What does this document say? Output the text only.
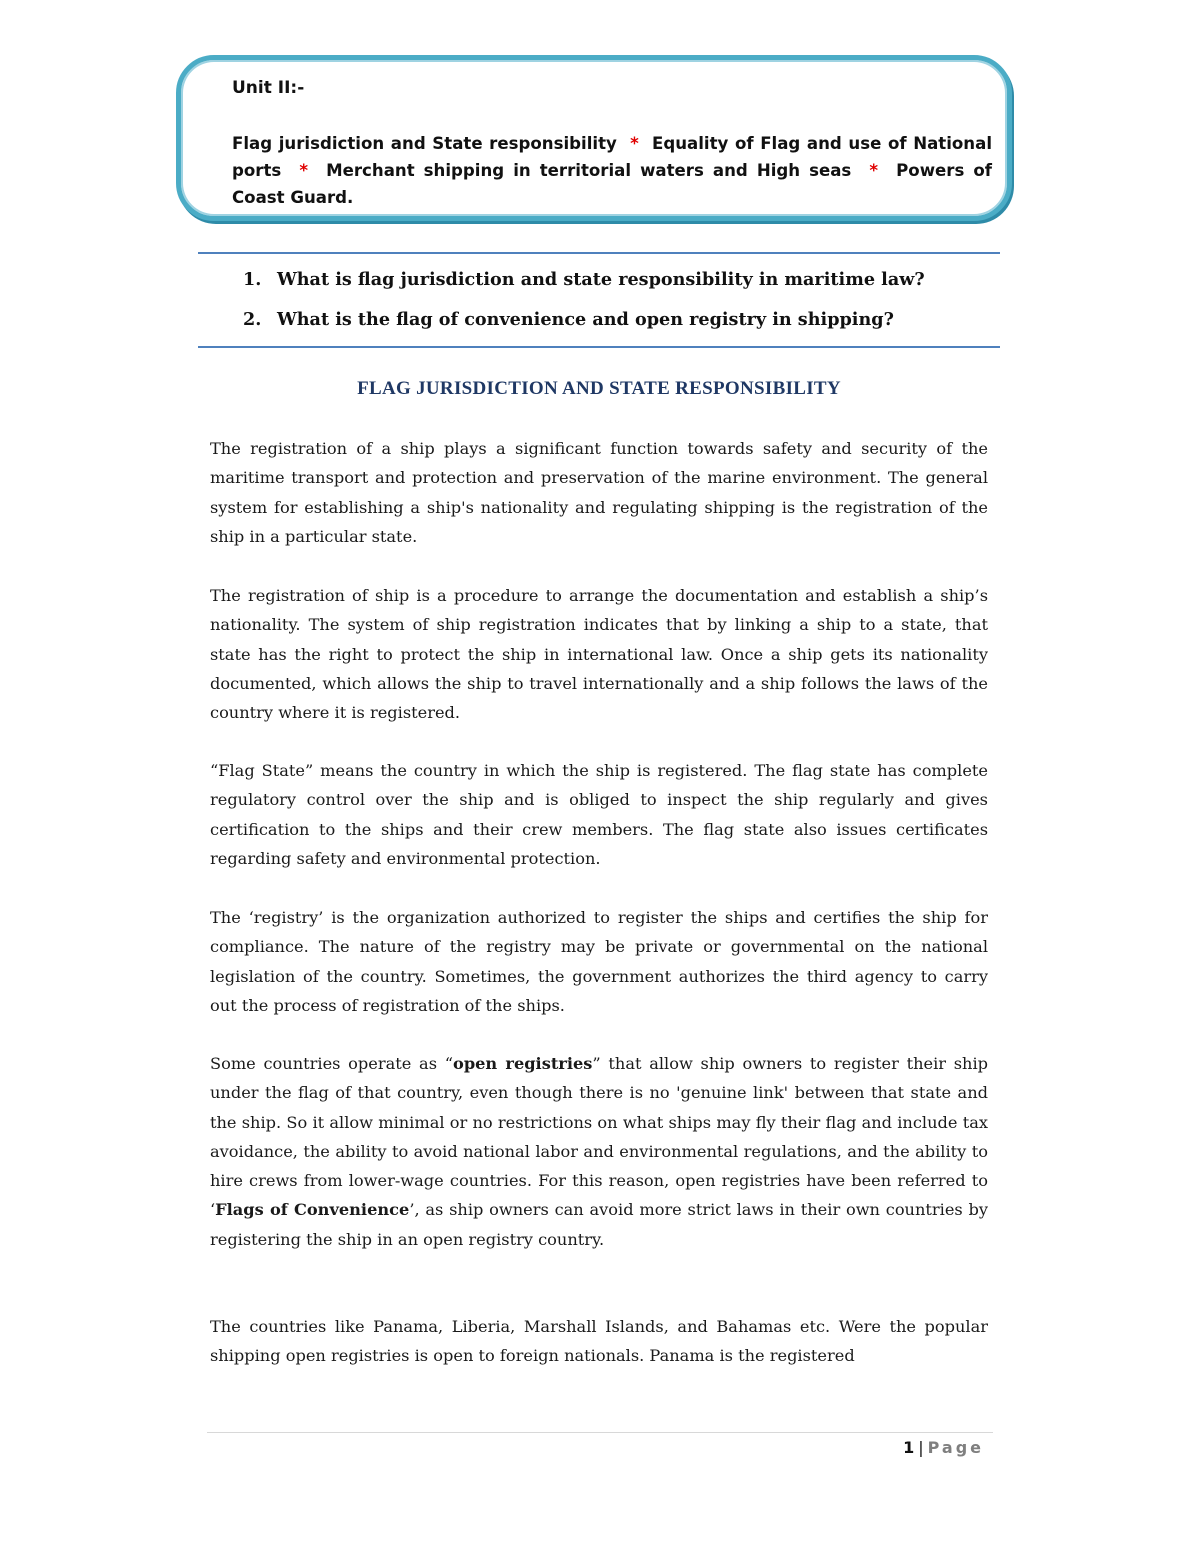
Unit II:-
Flag jurisdiction and State responsibility * Equality of Flag and use of National ports * Merchant shipping in territorial waters and High seas * Powers of Coast Guard.
1. What is flag jurisdiction and state responsibility in maritime law?
2. What is the flag of convenience and open registry in shipping?
FLAG JURISDICTION AND STATE RESPONSIBILITY

The registration of a ship plays a significant function towards safety and security of the maritime transport and protection and preservation of the marine environment. The general system for establishing a ship's nationality and regulating shipping is the registration of the ship in a particular state.

The registration of ship is a procedure to arrange the documentation and establish a ship’s nationality. The system of ship registration indicates that by linking a ship to a state, that state has the right to protect the ship in international law. Once a ship gets its nationality documented, which allows the ship to travel internationally and a ship follows the laws of the country where it is registered.

“Flag State” means the country in which the ship is registered. The flag state has complete regulatory control over the ship and is obliged to inspect the ship regularly and gives certification to the ships and their crew members. The flag state also issues certificates regarding safety and environmental protection.

The ‘registry’ is the organization authorized to register the ships and certifies the ship for compliance. The nature of the registry may be private or governmental on the national legislation of the country. Sometimes, the government authorizes the third agency to carry out the process of registration of the ships.

Some countries operate as “open registries” that allow ship owners to register their ship under the flag of that country, even though there is no 'genuine link' between that state and the ship. So it allow minimal or no restrictions on what ships may fly their flag and include tax avoidance, the ability to avoid national labor and environmental regulations, and the ability to hire crews from lower-wage countries. For this reason, open registries have been referred to ‘Flags of Convenience’, as ship owners can avoid more strict laws in their own countries by registering the ship in an open registry country.

The countries like Panama, Liberia, Marshall Islands, and Bahamas etc. Were the popular shipping open registries is open to foreign nationals. Panama is the registered

1 | Page
